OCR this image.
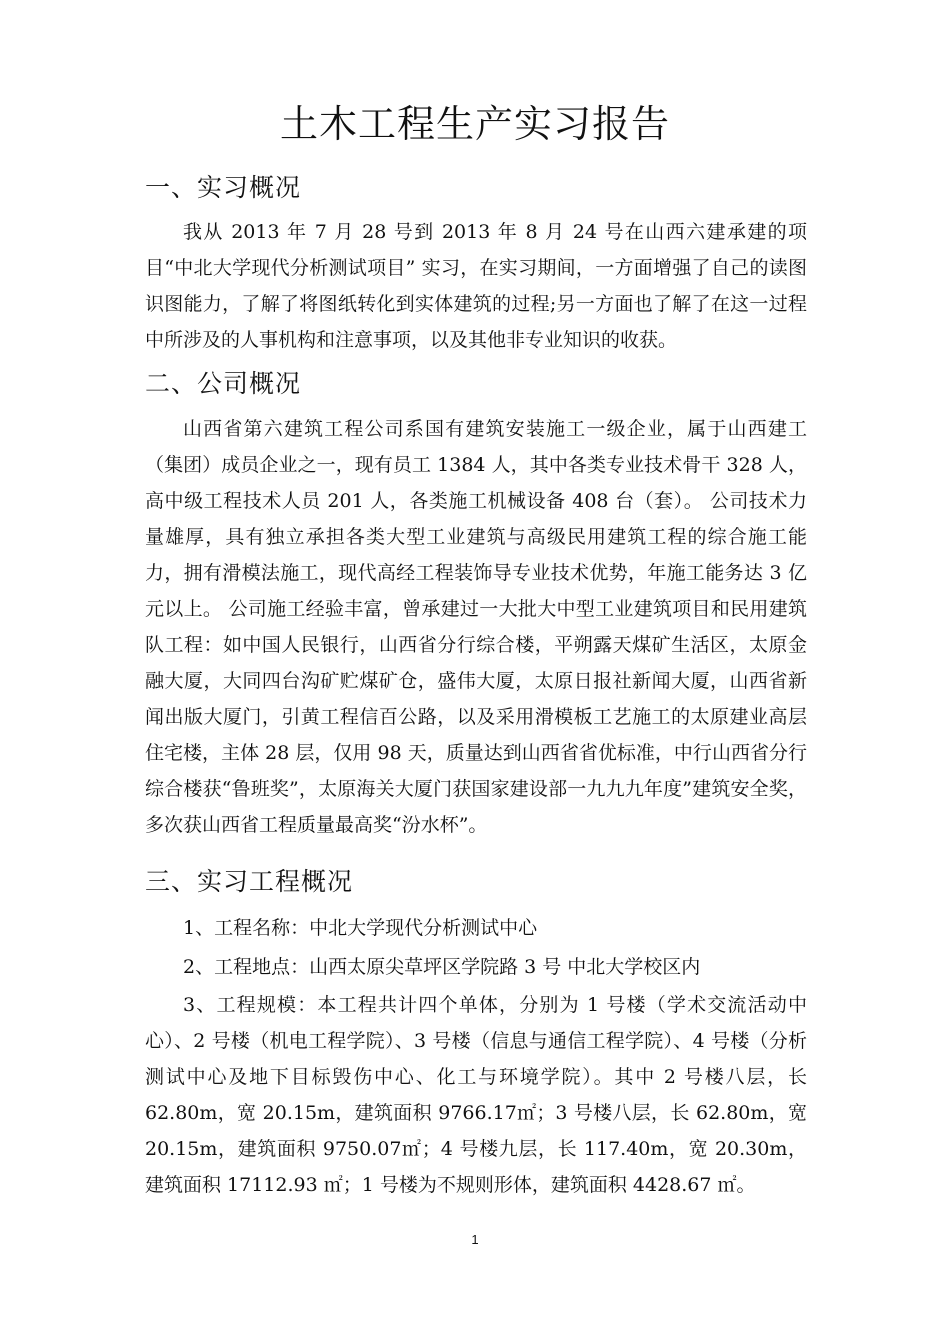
土木工程生产实习报告
一、实习概况

我从 2013 年 7 月 28 号到 2013 年 8 月 24 号在山西六建承建的项目“中北大学现代分析测试项目” 实习，在实习期间，一方面增强了自己的读图识图能力，了解了将图纸转化到实体建筑的过程;另一方面也了解了在这一过程中所涉及的人事机构和注意事项，以及其他非专业知识的收获。

二、公司概况

山西省第六建筑工程公司系国有建筑安装施工一级企业，属于山西建工（集团）成员企业之一，现有员工 1384 人，其中各类专业技术骨干 328 人，高中级工程技术人员 201 人，各类施工机械设备 408 台（套）。 公司技术力量雄厚，具有独立承担各类大型工业建筑与高级民用建筑工程的综合施工能力，拥有滑模法施工，现代高经工程装饰导专业技术优势，年施工能务达 3 亿元以上。 公司施工经验丰富，曾承建过一大批大中型工业建筑项目和民用建筑队工程：如中国人民银行，山西省分行综合楼，平朔露天煤矿生活区，太原金融大厦，大同四台沟矿贮煤矿仓，盛伟大厦，太原日报社新闻大厦，山西省新闻出版大厦门，引黄工程信百公路，以及采用滑模板工艺施工的太原建业高层住宅楼，主体 28 层，仅用 98 天，质量达到山西省省优标准，中行山西省分行综合楼获“鲁班奖”，太原海关大厦门获国家建设部一九九九年度”建筑安全奖，多次获山西省工程质量最高奖“汾水杯”。

三、实习工程概况
1、工程名称：中北大学现代分析测试中心
2、工程地点：山西太原尖草坪区学院路 3 号 中北大学校区内

3、工程规模：本工程共计四个单体，分别为 1 号楼（学术交流活动中心）、2 号楼（机电工程学院）、3 号楼（信息与通信工程学院）、4 号楼（分析测试中心及地下目标毁伤中心、化工与环境学院）。其中 2 号楼八层，长 62.80m，宽 20.15m，建筑面积 9766.17㎡；3 号楼八层，长 62.80m，宽 20.15m，建筑面积 9750.07㎡；4 号楼九层，长 117.40m，宽 20.30m，建筑面积 17112.93 ㎡；1 号楼为不规则形体，建筑面积 4428.67 ㎡。

1
